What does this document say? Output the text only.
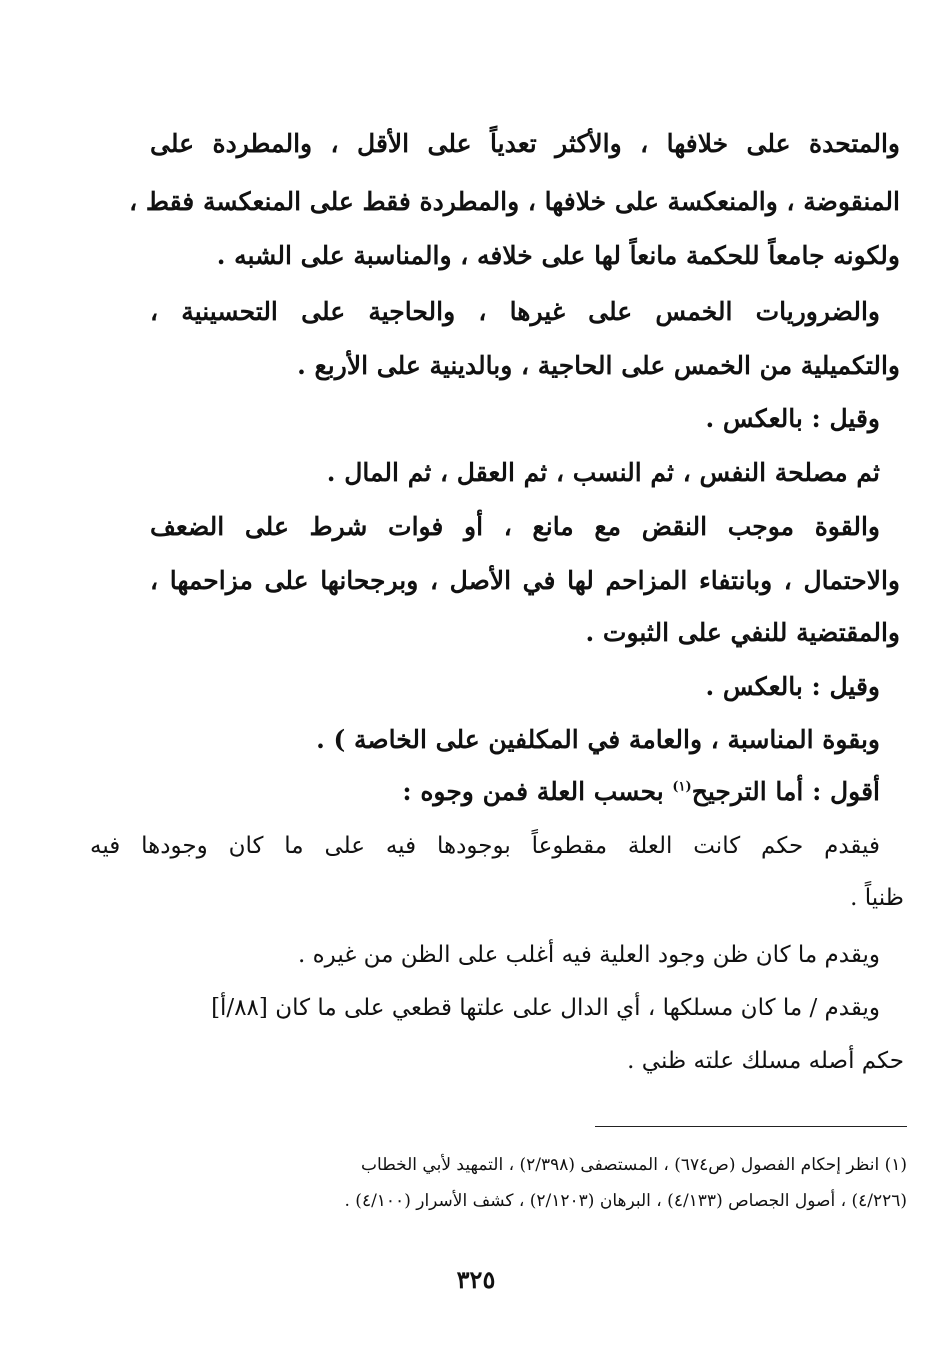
والمتحدة على خلافها ، والأكثر تعدياً على الأقل ، والمطردة على

المنقوضة ، والمنعكسة على خلافها ، والمطردة فقط على المنعكسة فقط ،

ولكونه جامعاً للحكمة مانعاً لها على خلافه ، والمناسبة على الشبه .

والضروريات الخمس على غيرها ، والحاجية على التحسينية ،

والتكميلية من الخمس على الحاجية ، وبالدينية على الأربع .

وقيل : بالعكس .

ثم مصلحة النفس ، ثم النسب ، ثم العقل ، ثم المال .

والقوة موجب النقض مع مانع ، أو فوات شرط على الضعف

والاحتمال ، وبانتفاء المزاحم لها في الأصل ، وبرجحانها على مزاحمها ،

والمقتضية للنفي على الثبوت .

وقيل : بالعكس .

وبقوة المناسبة ، والعامة في المكلفين على الخاصة ) .

أقول : أما الترجيح$^{(١)}$ بحسب العلة فمن وجوه :

فيقدم حكم كانت العلة مقطوعاً بوجودها فيه على ما كان وجودها فيه

ظنياً .

ويقدم ما كان ظن وجود العلية فيه أغلب على الظن من غيره .

ويقدم / ما كان مسلكها ، أي الدال على علتها قطعي على ما كان [٨٨/أ]

حكم أصله مسلك علته ظني .

(١) انظر إحكام الفصول (ص٦٧٤) ، المستصفى (٢/٣٩٨) ، التمهيد لأبي الخطاب

(٤/٢٢٦) ، أصول الجصاص (٤/١٣٣) ، البرهان (٢/١٢٠٣) ، كشف الأسرار (٤/١٠٠) .

٣٢٥
